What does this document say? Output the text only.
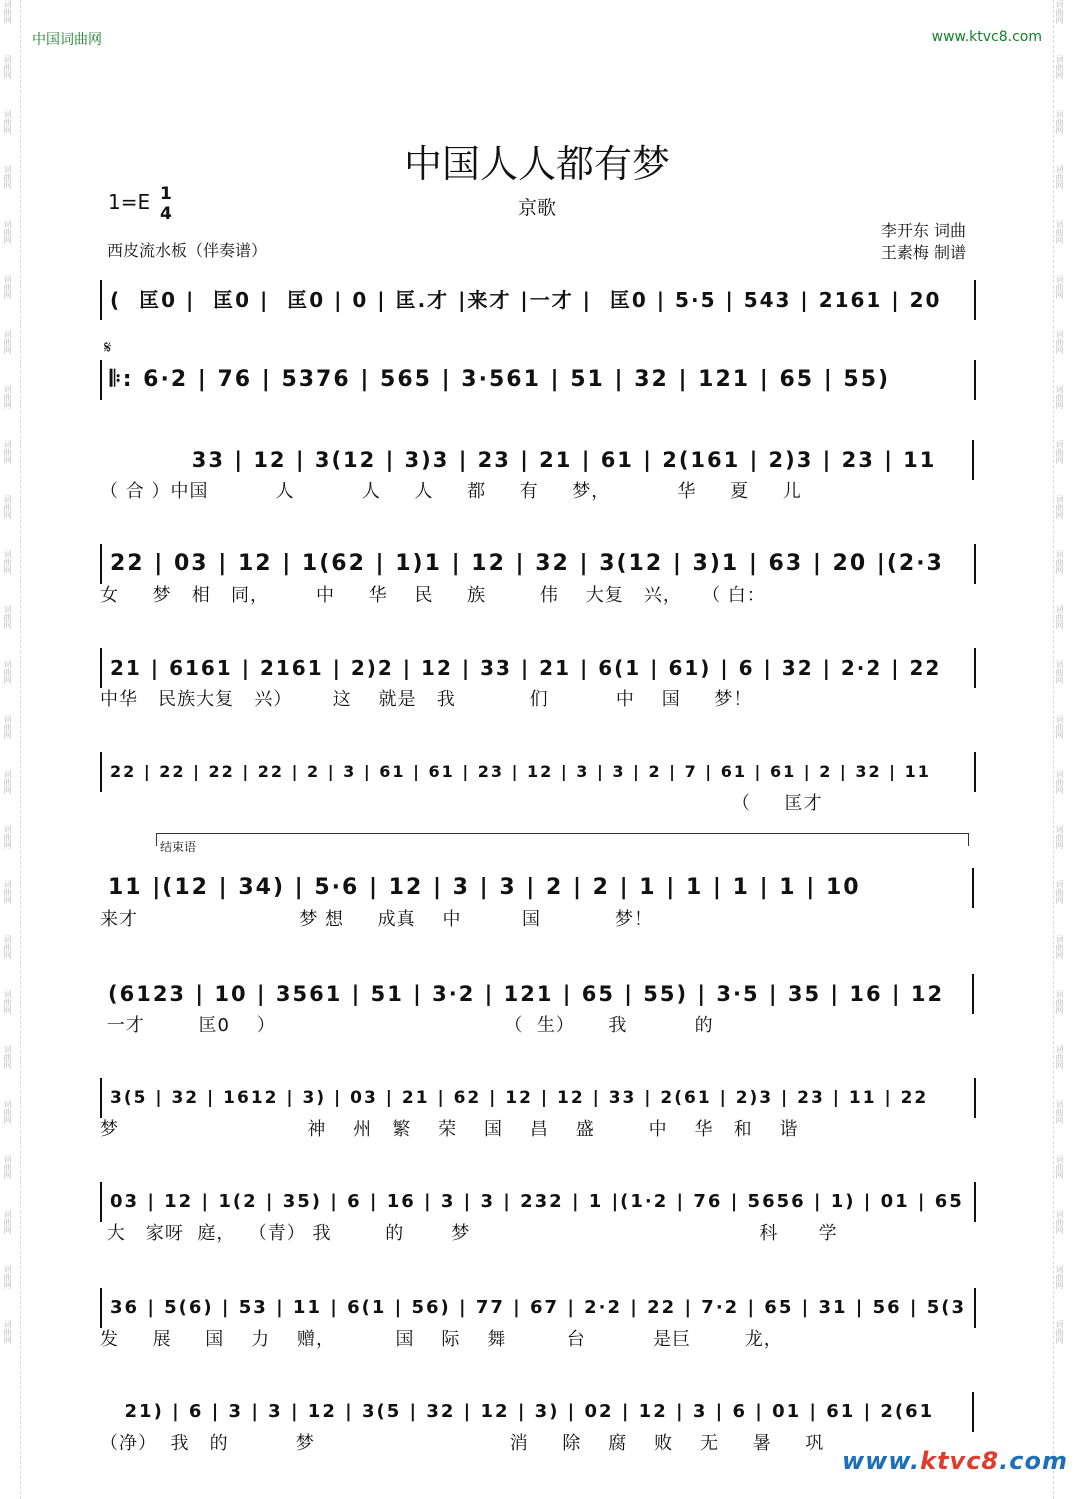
词曲网
词曲网
词曲网
词曲网
词曲网
词曲网
词曲网
词曲网
词曲网
词曲网
词曲网
词曲网
词曲网
词曲网
词曲网
词曲网
词曲网
词曲网
词曲网
词曲网
词曲网
词曲网
词曲网
词曲网
词曲网
词曲网
词曲网
词曲网
词曲网
词曲网
词曲网
词曲网
词曲网
词曲网
词曲网
词曲网
词曲网
词曲网
词曲网
词曲网
词曲网
词曲网
词曲网
词曲网
词曲网
词曲网
词曲网
词曲网
词曲网
词曲网
中国词曲网	www.ktvc8.com
中国人人都有梦
京歌
1=E 1
4
西皮流水板（伴奏谱）
李开东 词曲
王素梅 制谱
结束语
(  匡0 |  匡0 |  匡0 | 0 | 匡.才 |来才 |一才 |  匡0 | 5·5 | 543 | 2161 | 20
𝄆: 6·2 | 76 | 5376 | 565 | 3·561 | 51 | 32 | 121 | 65 | 55)
𝄋
33 | 12 | 3(12 | 3)3 | 23 | 21 | 61 | 2(161 | 2)3 | 23 | 11
（ 合 ）中国          人          人     人     都     有     梦，          华     夏     儿
22 | 03 | 12 | 1(62 | 1)1 | 12 | 32 | 3(12 | 3)1 | 63 | 20 |(2·3
女     梦   相   同，       中     华    民     族        伟    大复   兴，   （ 白：
21 | 6161 | 2161 | 2)2 | 12 | 33 | 21 | 6(1 | 61) | 6 | 32 | 2·2 | 22
中华   民族大复   兴）      这    就是   我           们          中    国     梦！
22 | 22 | 22 | 22 | 2 | 3 | 61 | 61 | 23 | 12 | 3 | 3 | 2 | 7 | 61 | 61 | 2 | 32 | 11
（     匡才
11 |(12 | 34) | 5·6 | 12 | 3 | 3 | 2 | 2 | 1 | 1 | 1 | 1 | 10
来才                        梦 想     成真    中         国           梦！
(6123 | 10 | 3561 | 51 | 3·2 | 121 | 65 | 55) | 3·5 | 35 | 16 | 12
一才        匡0    ）                                  （  生）     我          的
3(5 | 32 | 1612 | 3) | 03 | 21 | 62 | 12 | 12 | 33 | 2(61 | 2)3 | 23 | 11 | 22
梦                            神    州   繁    荣    国    昌    盛        中    华   和    谐
03 | 12 | 1(2 | 35) | 6 | 16 | 3 | 3 | 232 | 1 |(1·2 | 76 | 5656 | 1) | 01 | 65
大   家呀  庭，  （青） 我        的       梦                                           科      学
36 | 5(6) | 53 | 11 | 6(1 | 56) | 77 | 67 | 2·2 | 22 | 7·2 | 65 | 31 | 56 | 5(3
发     展     国    力    赠，         国    际    舞         台          是巨        龙，
21) | 6 | 3 | 3 | 12 | 3(5 | 32 | 12 | 3) | 02 | 12 | 3 | 6 | 01 | 61 | 2(61
（净）  我   的          梦                             消     除    腐    败    无     暑     巩
www.ktvc8.com
